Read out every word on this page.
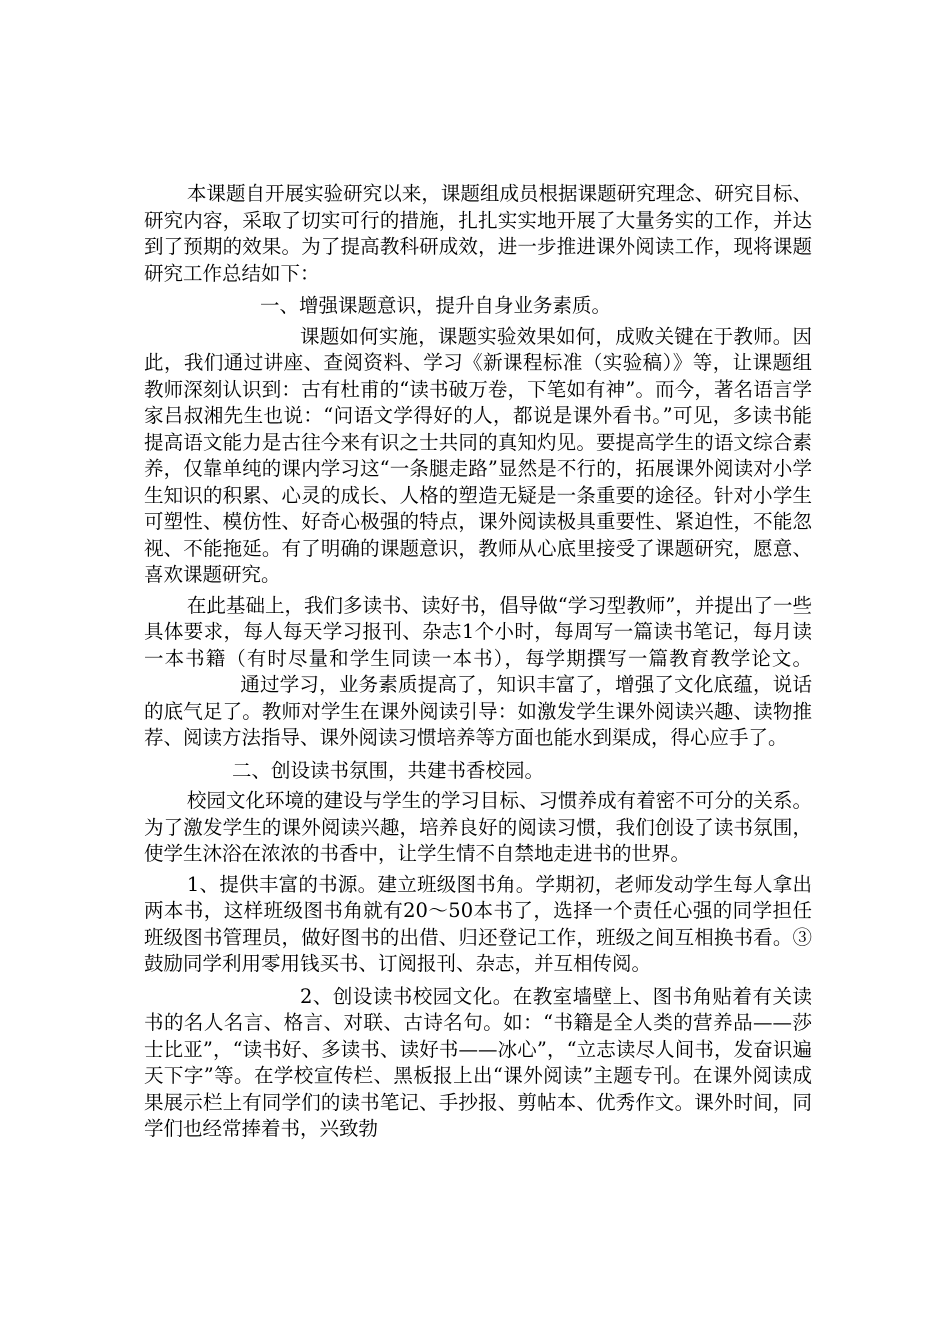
本课题自开展实验研究以来，课题组成员根据课题研究理念、研究目标、研究内容，采取了切实可行的措施，扎扎实实地开展了大量务实的工作，并达到了预期的效果。为了提高教科研成效，进一步推进课外阅读工作，现将课题研究工作总结如下：

一、增强课题意识，提升自身业务素质。

课题如何实施，课题实验效果如何，成败关键在于教师。因此，我们通过讲座、查阅资料、学习《新课程标准（实验稿）》等，让课题组教师深刻认识到：古有杜甫的“读书破万卷，下笔如有神”。而今，著名语言学家吕叔湘先生也说：“问语文学得好的人，都说是课外看书。”可见，多读书能提高语文能力是古往今来有识之士共同的真知灼见。要提高学生的语文综合素养，仅靠单纯的课内学习这“一条腿走路”显然是不行的，拓展课外阅读对小学生知识的积累、心灵的成长、人格的塑造无疑是一条重要的途径。针对小学生可塑性、模仿性、好奇心极强的特点，课外阅读极具重要性、紧迫性，不能忽视、不能拖延。有了明确的课题意识，教师从心底里接受了课题研究，愿意、喜欢课题研究。

在此基础上，我们多读书、读好书，倡导做“学习型教师”，并提出了一些具体要求，每人每天学习报刊、杂志1个小时，每周写一篇读书笔记，每月读一本书籍（有时尽量和学生同读一本书），每学期撰写一篇教育教学论文。通过学习，业务素质提高了，知识丰富了，增强了文化底蕴，说话的底气足了。教师对学生在课外阅读引导：如激发学生课外阅读兴趣、读物推荐、阅读方法指导、课外阅读习惯培养等方面也能水到渠成，得心应手了。

二、创设读书氛围，共建书香校园。

校园文化环境的建设与学生的学习目标、习惯养成有着密不可分的关系。为了激发学生的课外阅读兴趣，培养良好的阅读习惯，我们创设了读书氛围，使学生沐浴在浓浓的书香中，让学生情不自禁地走进书的世界。

1、提供丰富的书源。建立班级图书角。学期初，老师发动学生每人拿出两本书，这样班级图书角就有20～50本书了，选择一个责任心强的同学担任班级图书管理员，做好图书的出借、归还登记工作，班级之间互相换书看。③鼓励同学利用零用钱买书、订阅报刊、杂志，并互相传阅。

2、创设读书校园文化。在教室墙壁上、图书角贴着有关读书的名人名言、格言、对联、古诗名句。如：“书籍是全人类的营养品——莎士比亚”，“读书好、多读书、读好书——冰心”，“立志读尽人间书，发奋识遍天下字”等。在学校宣传栏、黑板报上出“课外阅读”主题专刊。在课外阅读成果展示栏上有同学们的读书笔记、手抄报、剪帖本、优秀作文。课外时间，同学们也经常捧着书，兴致勃
